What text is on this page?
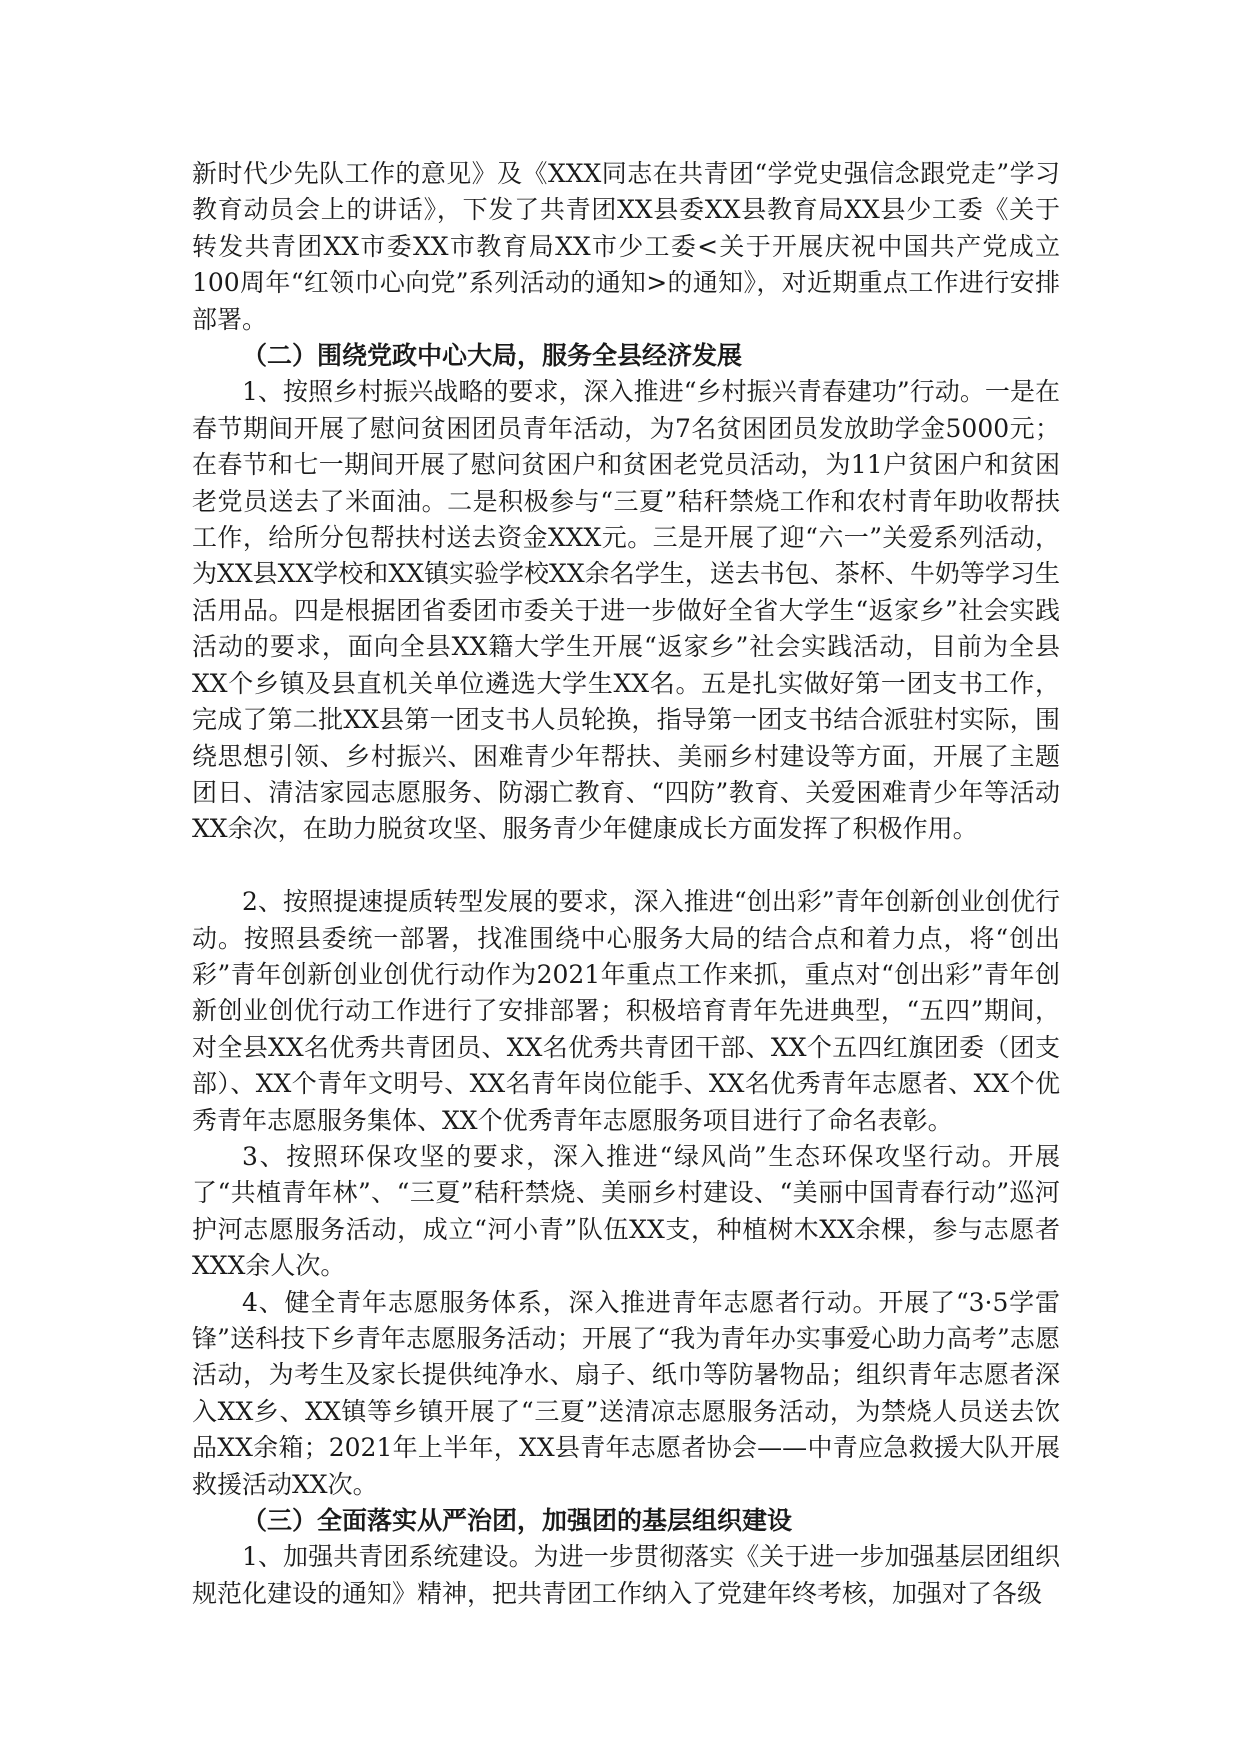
新时代少先队工作的意见》及《XXX同志在共青团“学党史强信念跟党走”学习教育动员会上的讲话》，下发了共青团XX县委XX县教育局XX县少工委《关于转发共青团XX市委XX市教育局XX市少工委<关于开展庆祝中国共产党成立100周年“红领巾心向党”系列活动的通知>的通知》，对近期重点工作进行安排部署。

（二）围绕党政中心大局，服务全县经济发展

1、按照乡村振兴战略的要求，深入推进“乡村振兴青春建功”行动。一是在春节期间开展了慰问贫困团员青年活动，为7名贫困团员发放助学金5000元；在春节和七一期间开展了慰问贫困户和贫困老党员活动，为11户贫困户和贫困老党员送去了米面油。二是积极参与“三夏”秸秆禁烧工作和农村青年助收帮扶工作，给所分包帮扶村送去资金XXX元。三是开展了迎“六一”关爱系列活动，为XX县XX学校和XX镇实验学校XX余名学生，送去书包、茶杯、牛奶等学习生活用品。四是根据团省委团市委关于进一步做好全省大学生“返家乡”社会实践活动的要求，面向全县XX籍大学生开展“返家乡”社会实践活动，目前为全县XX个乡镇及县直机关单位遴选大学生XX名。五是扎实做好第一团支书工作，完成了第二批XX县第一团支书人员轮换，指导第一团支书结合派驻村实际，围绕思想引领、乡村振兴、困难青少年帮扶、美丽乡村建设等方面，开展了主题团日、清洁家园志愿服务、防溺亡教育、“四防”教育、关爱困难青少年等活动XX余次，在助力脱贫攻坚、服务青少年健康成长方面发挥了积极作用。

2、按照提速提质转型发展的要求，深入推进“创出彩”青年创新创业创优行动。按照县委统一部署，找准围绕中心服务大局的结合点和着力点，将“创出彩”青年创新创业创优行动作为2021年重点工作来抓，重点对“创出彩”青年创新创业创优行动工作进行了安排部署；积极培育青年先进典型，“五四”期间，对全县XX名优秀共青团员、XX名优秀共青团干部、XX个五四红旗团委（团支部）、XX个青年文明号、XX名青年岗位能手、XX名优秀青年志愿者、XX个优秀青年志愿服务集体、XX个优秀青年志愿服务项目进行了命名表彰。

3、按照环保攻坚的要求，深入推进“绿风尚”生态环保攻坚行动。开展了“共植青年林”、“三夏”秸秆禁烧、美丽乡村建设、“美丽中国青春行动”巡河护河志愿服务活动，成立“河小青”队伍XX支，种植树木XX余棵，参与志愿者XXX余人次。

4、健全青年志愿服务体系，深入推进青年志愿者行动。开展了“3·5学雷锋”送科技下乡青年志愿服务活动；开展了“我为青年办实事爱心助力高考”志愿活动，为考生及家长提供纯净水、扇子、纸巾等防暑物品；组织青年志愿者深入XX乡、XX镇等乡镇开展了“三夏”送清凉志愿服务活动，为禁烧人员送去饮品XX余箱；2021年上半年，XX县青年志愿者协会——中青应急救援大队开展救援活动XX次。

（三）全面落实从严治团，加强团的基层组织建设

1、加强共青团系统建设。为进一步贯彻落实《关于进一步加强基层团组织规范化建设的通知》精神，把共青团工作纳入了党建年终考核，加强对了各级
